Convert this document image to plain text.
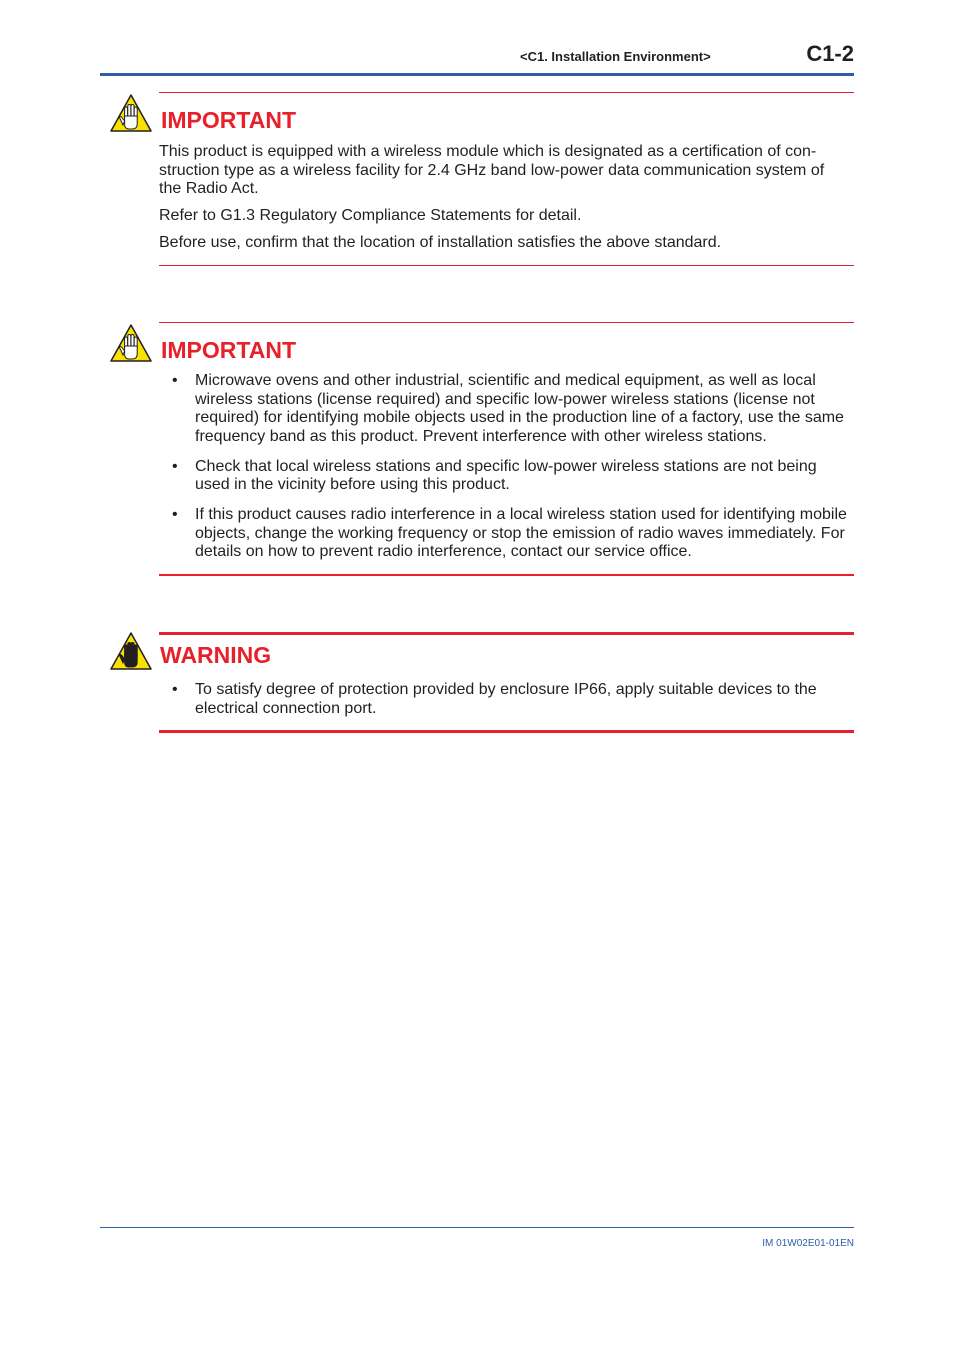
<C1. Installation Environment>	C1-2
IMPORTANT
This product is equipped with a wireless module which is designated as a certification of con-struction type as a wireless facility for 2.4 GHz band low-power data communication system of the Radio Act.
Refer to G1.3 Regulatory Compliance Statements for detail.
Before use, confirm that the location of installation satisfies the above standard.
IMPORTANT
• Microwave ovens and other industrial, scientific and medical equipment, as well as local wireless stations (license required) and specific low-power wireless stations (license not required) for identifying mobile objects used in the production line of a factory, use the same frequency band as this product. Prevent interference with other wireless stations.
• Check that local wireless stations and specific low-power wireless stations are not being used in the vicinity before using this product.
• If this product causes radio interference in a local wireless station used for identifying mobile objects, change the working frequency or stop the emission of radio waves immediately. For details on how to prevent radio interference, contact our service office.
WARNING
• To satisfy degree of protection provided by enclosure IP66, apply suitable devices to the electrical connection port.
IM 01W02E01-01EN
